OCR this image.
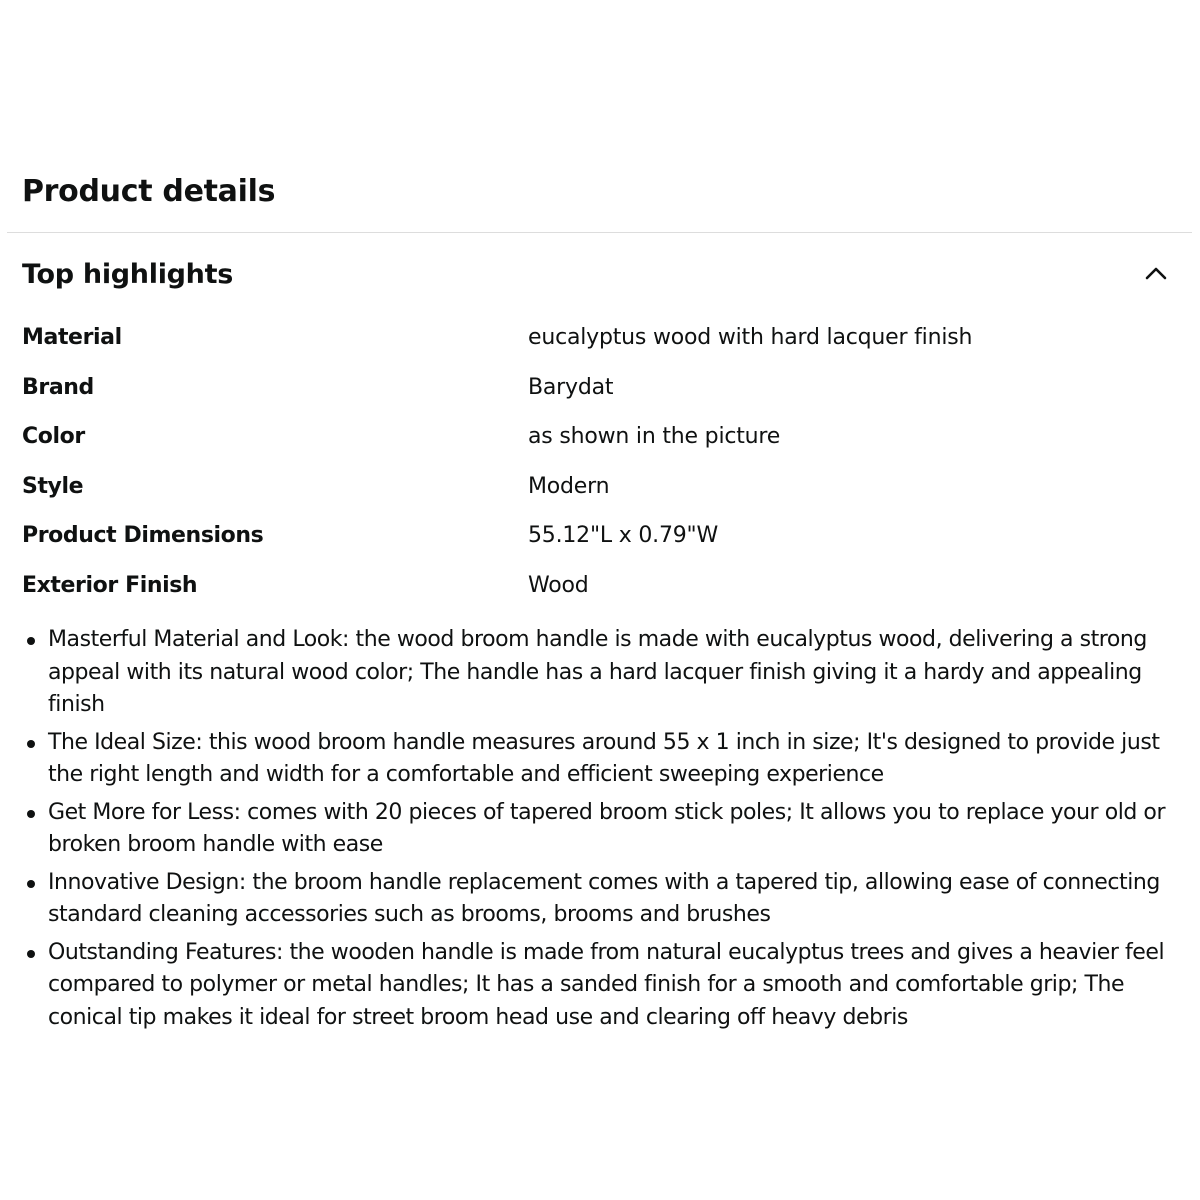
Product details
Top highlights
Material	eucalyptus wood with hard lacquer finish
Brand	Barydat
Color	as shown in the picture
Style	Modern
Product Dimensions	55.12"L x 0.79"W
Exterior Finish	Wood
Masterful Material and Look: the wood broom handle is made with eucalyptus wood, delivering a strong appeal with its natural wood color; The handle has a hard lacquer finish giving it a hardy and appealing finish
The Ideal Size: this wood broom handle measures around 55 x 1 inch in size; It's designed to provide just the right length and width for a comfortable and efficient sweeping experience
Get More for Less: comes with 20 pieces of tapered broom stick poles; It allows you to replace your old or broken broom handle with ease
Innovative Design: the broom handle replacement comes with a tapered tip, allowing ease of connecting standard cleaning accessories such as brooms, brooms and brushes
Outstanding Features: the wooden handle is made from natural eucalyptus trees and gives a heavier feel compared to polymer or metal handles; It has a sanded finish for a smooth and comfortable grip; The conical tip makes it ideal for street broom head use and clearing off heavy debris
